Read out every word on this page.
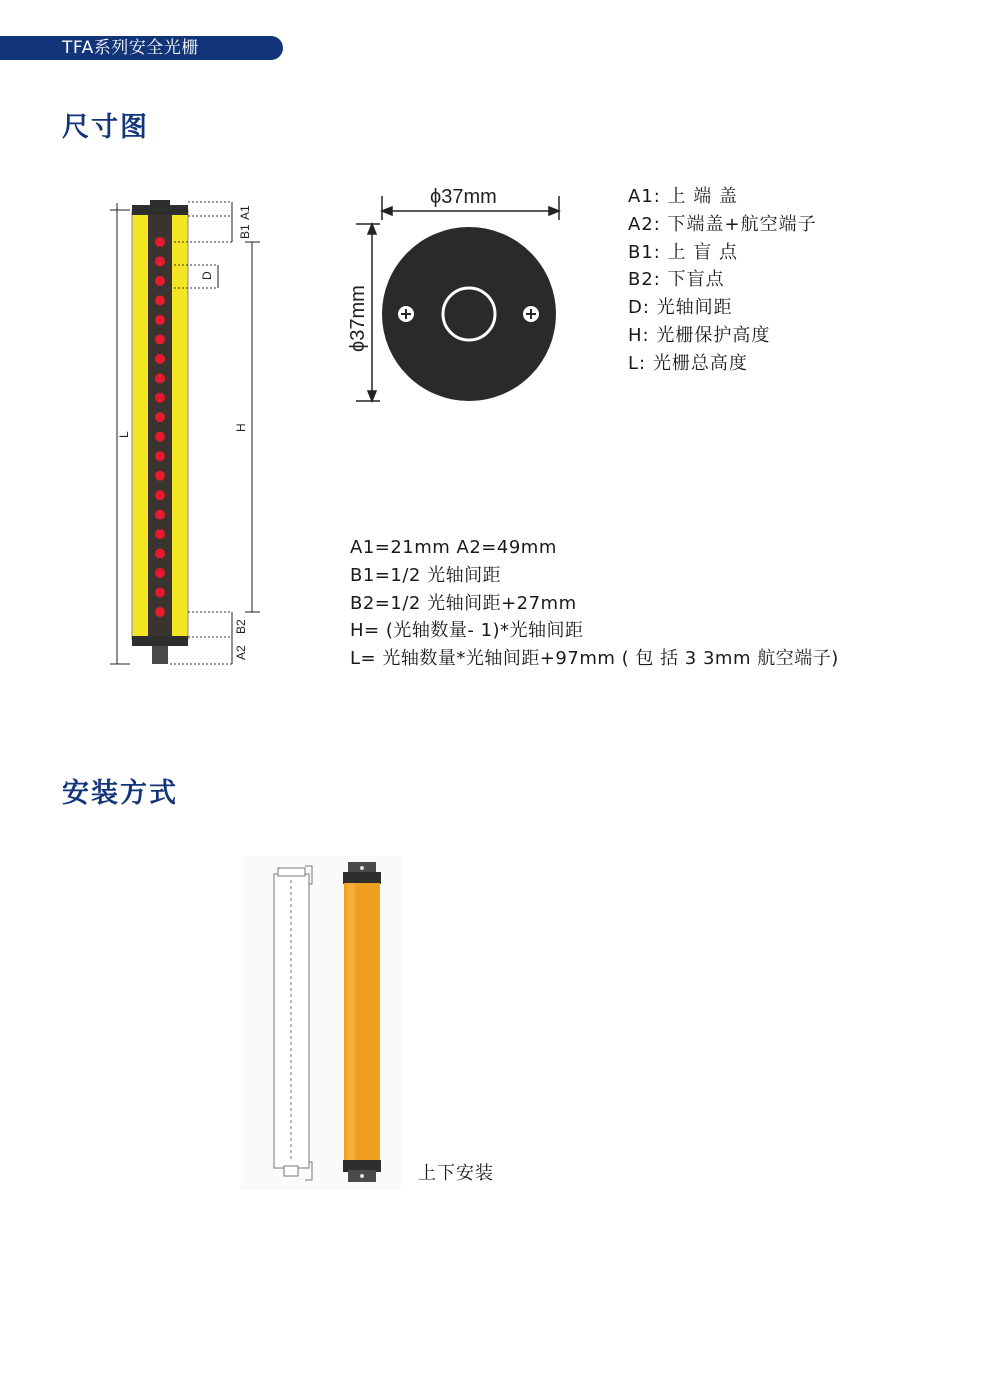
TFA系列安全光栅
尺寸图
L
A1
B1
D
H
B2
A2
ϕ37mm
ϕ37mm
A1: 上 端 盖
A2: 下端盖+航空端子
B1: 上 盲 点
B2: 下盲点
D: 光轴间距
H: 光栅保护高度
L: 光栅总高度
A1=21mm A2=49mm
B1=1/2 光轴间距
B2=1/2 光轴间距+27mm
H= (光轴数量- 1)*光轴间距
L= 光轴数量*光轴间距+97mm ( 包 括 3 3mm 航空端子)
安装方式
上下安装
